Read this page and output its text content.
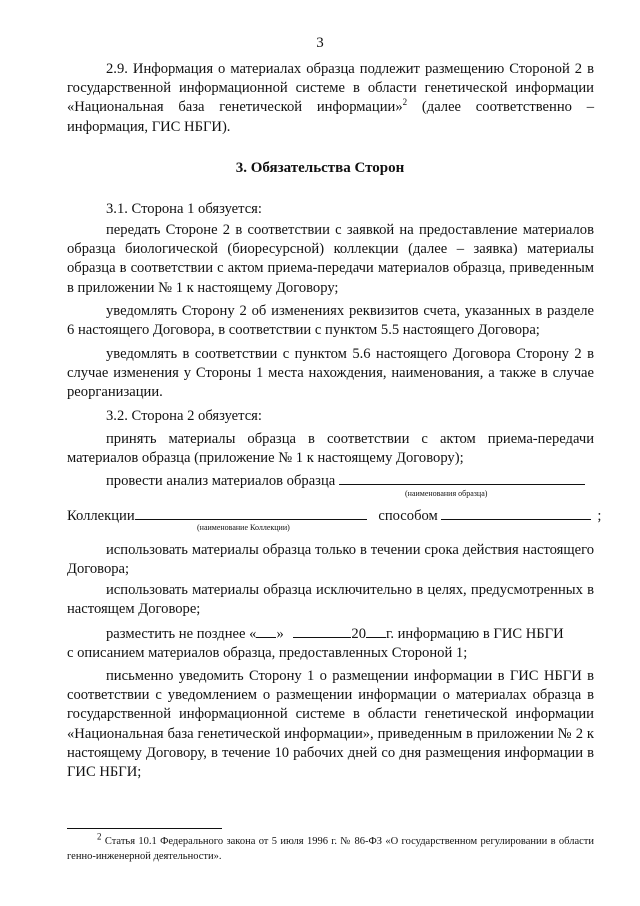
3

2.9. Информация о материалах образца подлежит размещению Стороной 2 в государственной информационной системе в области генетической информации «Национальная база генетической информации»$^2$ (далее соответственно – информация, ГИС НБГИ).

3. Обязательства Сторон

3.1. Сторона 1 обязуется:

передать Стороне 2 в соответствии с заявкой на предоставление материалов образца биологической (биоресурсной) коллекции (далее – заявка) материалы образца в соответствии с актом приема-передачи материалов образца, приведенным в приложении № 1 к настоящему Договору;

уведомлять Сторону 2 об изменениях реквизитов счета, указанных в разделе 6 настоящего Договора, в соответствии с пунктом 5.5 настоящего Договора;

уведомлять в соответствии с пунктом 5.6 настоящего Договора Сторону 2 в случае изменения у Стороны 1 места нахождения, наименования, а также в случае реорганизации.

3.2. Сторона 2 обязуется:

принять материалы образца в соответствии с актом приема-передачи материалов образца (приложение № 1 к настоящему Договору);

провести анализ материалов образца
(наименования образца)
Коллекции	способом	;
(наименование Коллекции)

использовать материалы образца только в течении срока действия настоящего Договора;

использовать материалы образца исключительно в целях, предусмотренных в настоящем Договоре;

разместить не позднее « »	20 г. информацию в ГИС НБГИ

с описанием материалов образца, предоставленных Стороной 1;

письменно уведомить Сторону 1 о размещении информации в ГИС НБГИ в соответствии с уведомлением о размещении информации о материалах образца в государственной информационной системе в области генетической информации «Национальная база генетической информации», приведенным в приложении № 2 к настоящему Договору, в течение 10 рабочих дней со дня размещения информации в ГИС НБГИ;

$^2$ Статья 10.1 Федерального закона от 5 июля 1996 г. № 86-ФЗ «О государственном регулировании в области генно-инженерной деятельности».
